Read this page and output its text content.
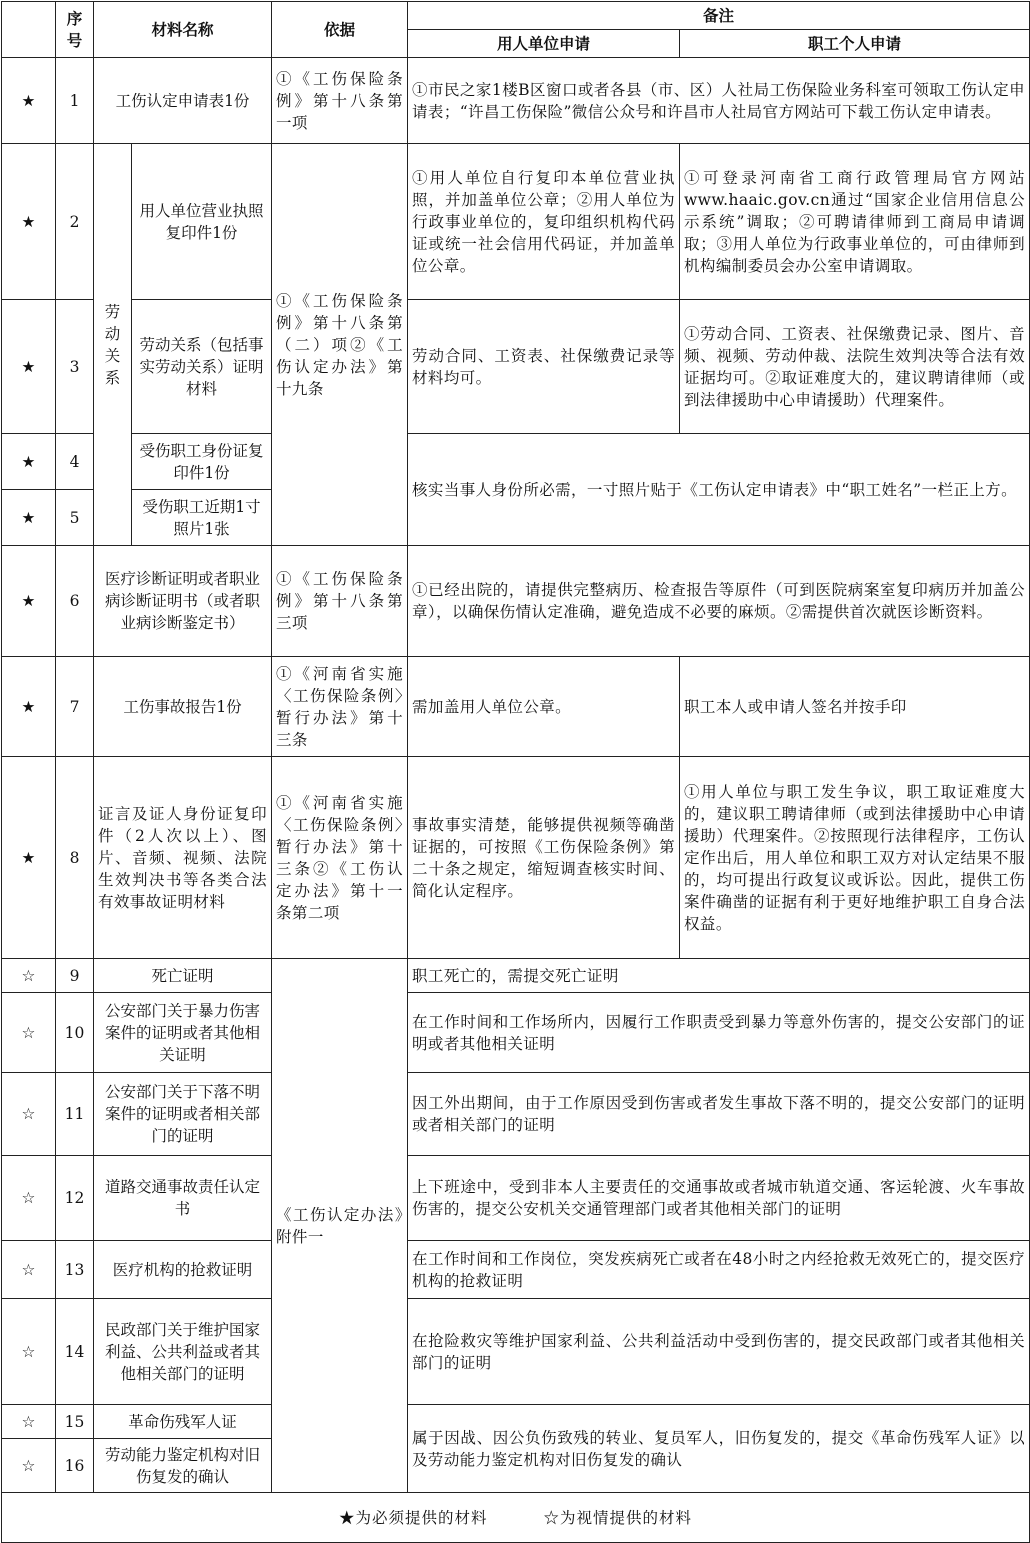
	序号	材料名称		依据	备注	
					用人单位申请	职工个人申请
★	1	工伤认定申请表1份		①《工伤保险条例》第十八条第一项	①市民之家1楼B区窗口或者各县（市、区）人社局工伤保险业务科室可领取工伤认定申请表；“许昌工伤保险”微信公众号和许昌市人社局官方网站可下载工伤认定申请表。	
★	2	劳动关系	用人单位营业执照复印件1份	①《工伤保险条例》第十八条第（二）项②《工伤认定办法》第十九条	①用人单位自行复印本单位营业执照，并加盖单位公章；②用人单位为行政事业单位的，复印组织机构代码证或统一社会信用代码证，并加盖单位公章。	①可登录河南省工商行政管理局官方网站www.haaic.gov.cn通过“国家企业信用信息公示系统”调取；②可聘请律师到工商局申请调取；③用人单位为行政事业单位的，可由律师到机构编制委员会办公室申请调取。
★	3		劳动关系（包括事实劳动关系）证明材料		劳动合同、工资表、社保缴费记录等材料均可。	①劳动合同、工资表、社保缴费记录、图片、音频、视频、劳动仲裁、法院生效判决等合法有效证据均可。②取证难度大的，建议聘请律师（或到法律援助中心申请援助）代理案件。
★	4		受伤职工身份证复印件1份		核实当事人身份所必需，一寸照片贴于《工伤认定申请表》中“职工姓名”一栏正上方。	
★	5		受伤职工近期1寸照片1张			
★	6	医疗诊断证明或者职业病诊断证明书（或者职业病诊断鉴定书）		①《工伤保险条例》第十八条第三项	①已经出院的，请提供完整病历、检查报告等原件（可到医院病案室复印病历并加盖公章），以确保伤情认定准确，避免造成不必要的麻烦。②需提供首次就医诊断资料。	
★	7	工伤事故报告1份		①《河南省实施〈工伤保险条例〉暂行办法》第十三条	需加盖用人单位公章。	职工本人或申请人签名并按手印
★	8	证言及证人身份证复印件（2人次以上）、图片、音频、视频、法院生效判决书等各类合法有效事故证明材料		①《河南省实施〈工伤保险条例〉暂行办法》第十三条②《工伤认定办法》第十一条第二项	事故事实清楚，能够提供视频等确凿证据的，可按照《工伤保险条例》第二十条之规定，缩短调查核实时间、简化认定程序。	①用人单位与职工发生争议，职工取证难度大的，建议职工聘请律师（或到法律援助中心申请援助）代理案件。②按照现行法律程序，工伤认定作出后，用人单位和职工双方对认定结果不服的，均可提出行政复议或诉讼。因此，提供工伤案件确凿的证据有利于更好地维护职工自身合法权益。
☆	9	死亡证明		《工伤认定办法》附件一	职工死亡的，需提交死亡证明	
☆	10	公安部门关于暴力伤害案件的证明或者其他相关证明			在工作时间和工作场所内，因履行工作职责受到暴力等意外伤害的，提交公安部门的证明或者其他相关证明	
☆	11	公安部门关于下落不明案件的证明或者相关部门的证明			因工外出期间，由于工作原因受到伤害或者发生事故下落不明的，提交公安部门的证明或者相关部门的证明	
☆	12	道路交通事故责任认定书			上下班途中，受到非本人主要责任的交通事故或者城市轨道交通、客运轮渡、火车事故伤害的，提交公安机关交通管理部门或者其他相关部门的证明	
☆	13	医疗机构的抢救证明			在工作时间和工作岗位，突发疾病死亡或者在48小时之内经抢救无效死亡的，提交医疗机构的抢救证明	
☆	14	民政部门关于维护国家利益、公共利益或者其他相关部门的证明			在抢险救灾等维护国家利益、公共利益活动中受到伤害的，提交民政部门或者其他相关部门的证明	
☆	15	革命伤残军人证			属于因战、因公负伤致残的转业、复员军人，旧伤复发的，提交《革命伤残军人证》以及劳动能力鉴定机构对旧伤复发的确认	
☆	16	劳动能力鉴定机构对旧伤复发的确认				
★为必须提供的材料 ☆为视情提供的材料						
